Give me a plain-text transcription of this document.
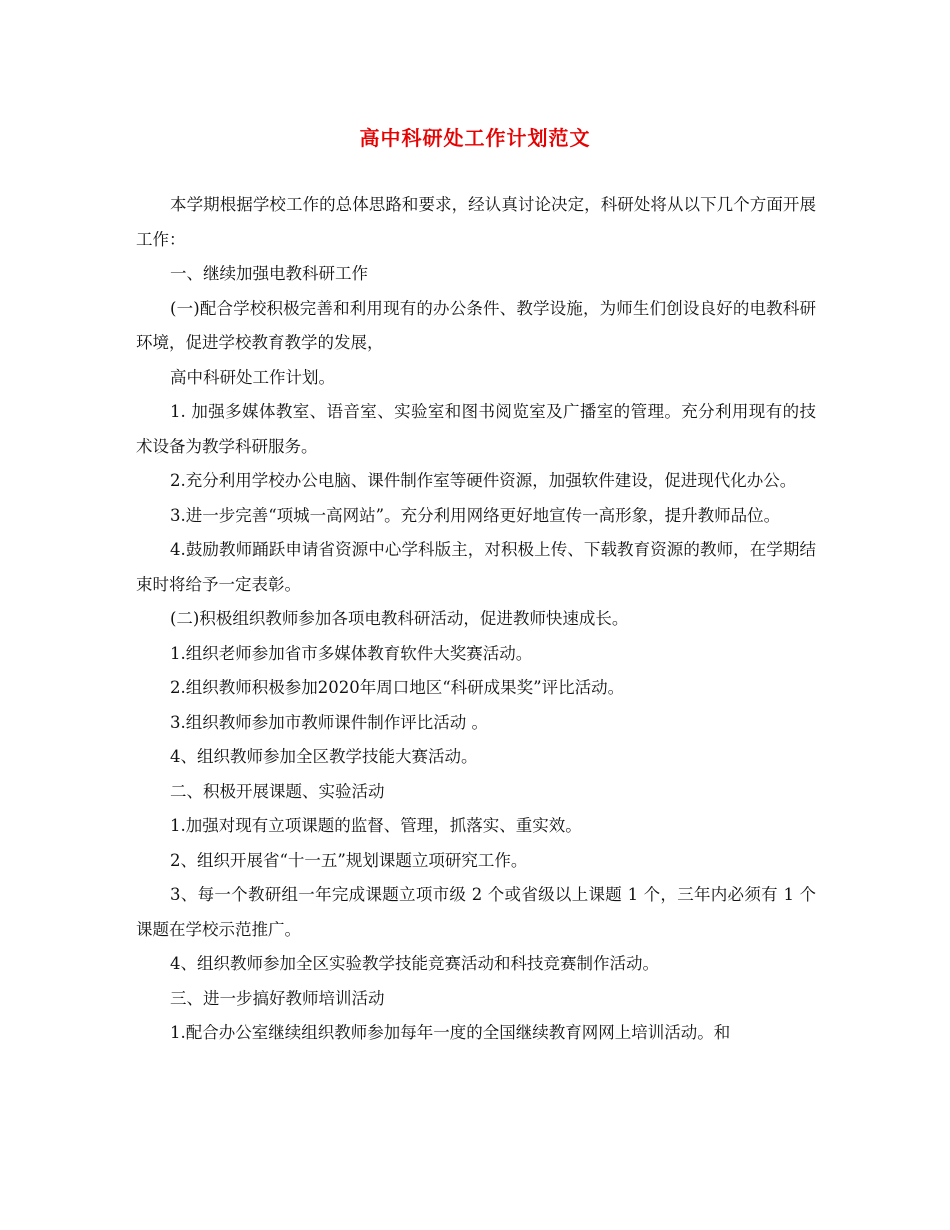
高中科研处工作计划范文

本学期根据学校工作的总体思路和要求，经认真讨论决定，科研处将从以下几个方面开展工作：

一、继续加强电教科研工作

(一)配合学校积极完善和利用现有的办公条件、教学设施，为师生们创设良好的电教科研环境，促进学校教育教学的发展，

高中科研处工作计划。

1. 加强多媒体教室、语音室、实验室和图书阅览室及广播室的管理。充分利用现有的技术设备为教学科研服务。

2.充分利用学校办公电脑、课件制作室等硬件资源，加强软件建设，促进现代化办公。

3.进一步完善“项城一高网站”。充分利用网络更好地宣传一高形象，提升教师品位。

4.鼓励教师踊跃申请省资源中心学科版主，对积极上传、下载教育资源的教师，在学期结束时将给予一定表彰。

(二)积极组织教师参加各项电教科研活动，促进教师快速成长。

1.组织老师参加省市多媒体教育软件大奖赛活动。

2.组织教师积极参加2020年周口地区“科研成果奖”评比活动。

3.组织教师参加市教师课件制作评比活动 。

4、组织教师参加全区教学技能大赛活动。

二、积极开展课题、实验活动

1.加强对现有立项课题的监督、管理，抓落实、重实效。

2、组织开展省“十一五”规划课题立项研究工作。

3、每一个教研组一年完成课题立项市级 2 个或省级以上课题 1 个，三年内必须有 1 个课题在学校示范推广。

4、组织教师参加全区实验教学技能竞赛活动和科技竞赛制作活动。

三、进一步搞好教师培训活动

1.配合办公室继续组织教师参加每年一度的全国继续教育网网上培训活动。和
